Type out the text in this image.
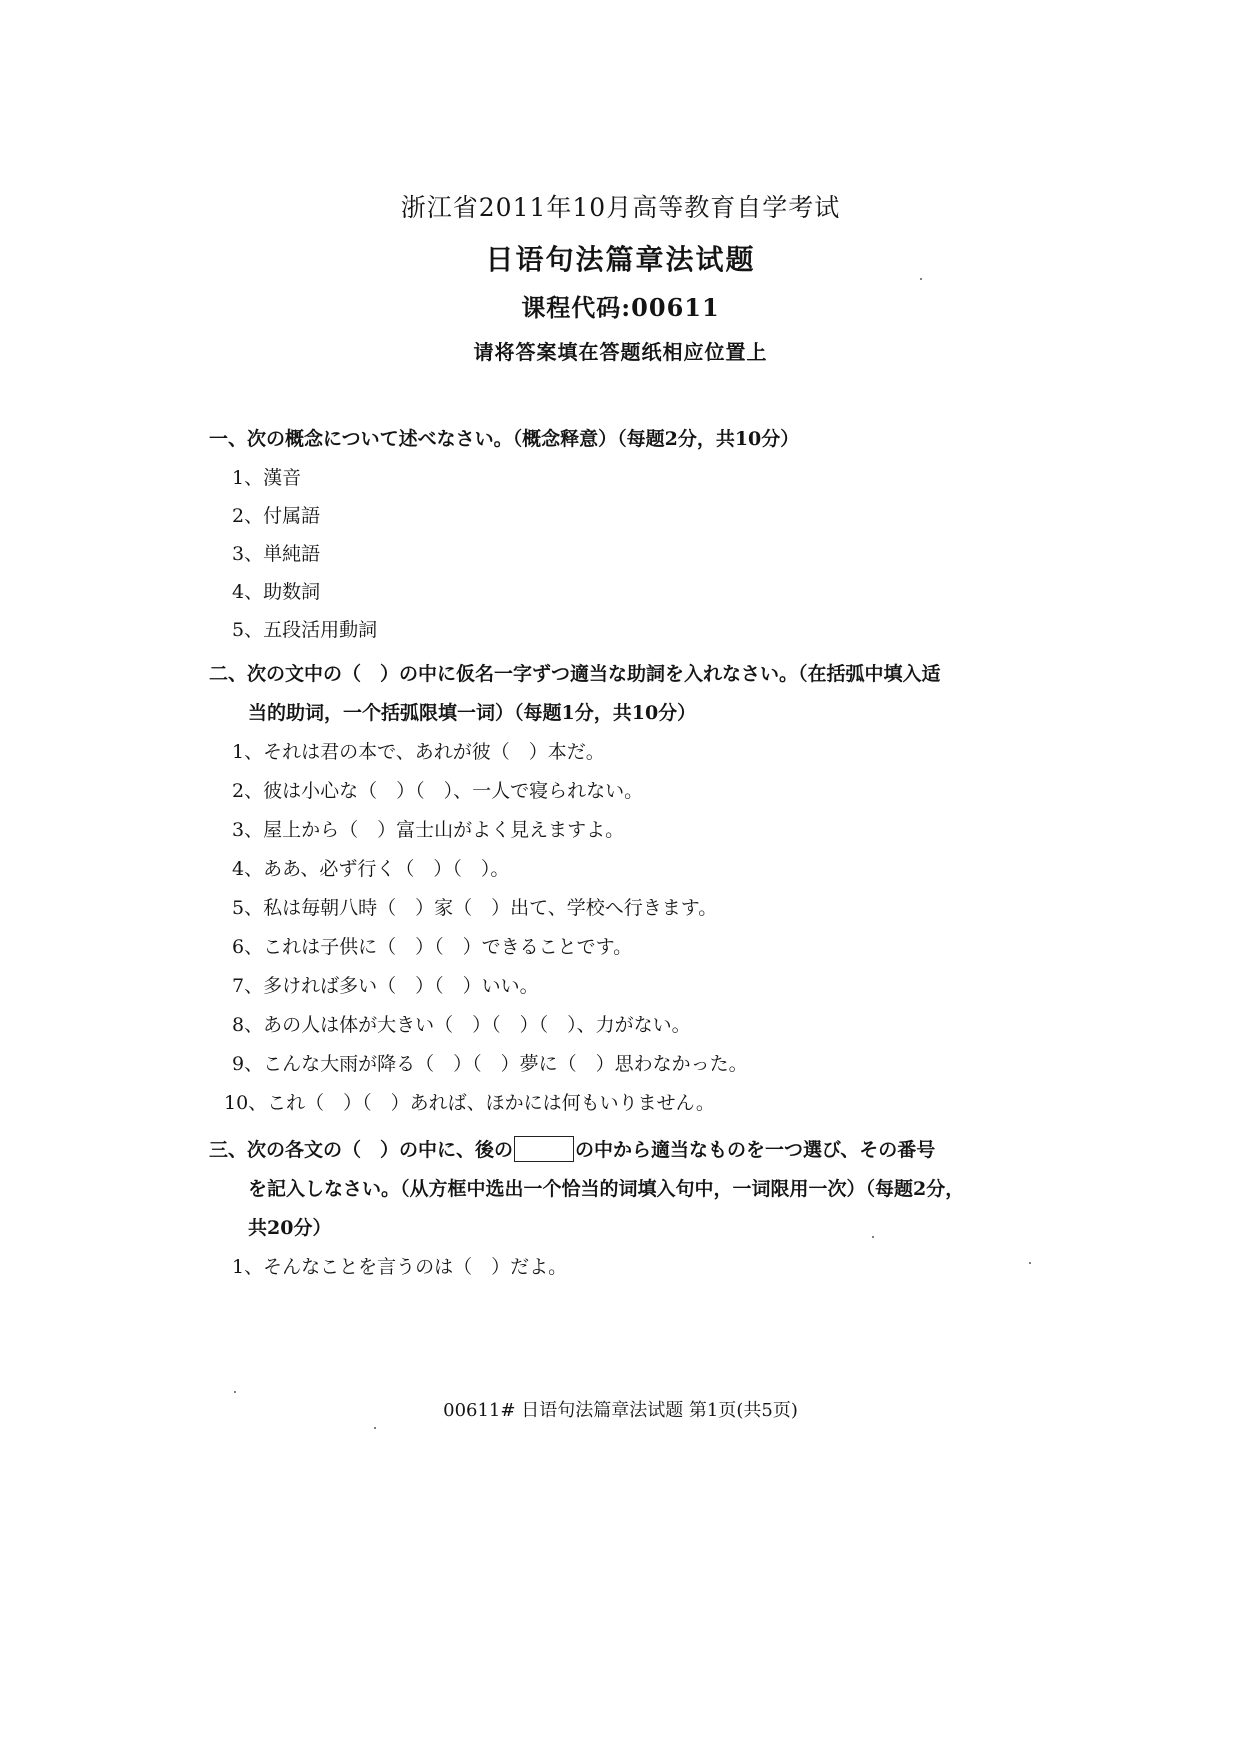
浙江省2011年10月高等教育自学考试
日语句法篇章法试题
课程代码:00611
请将答案填在答题纸相应位置上
一、次の概念について述べなさい。（概念释意）（每题2分，共10分）
1、漢音
2、付属語
3、単純語
4、助数詞
5、五段活用動詞
二、次の文中の（　）の中に仮名一字ずつ適当な助詞を入れなさい。（在括弧中填入适
当的助词，一个括弧限填一词）（每题1分，共10分）
1、それは君の本で、あれが彼（　）本だ。
2、彼は小心な（　）（　）、一人で寝られない。
3、屋上から（　）富士山がよく見えますよ。
4、ああ、必ず行く（　）（　）。
5、私は毎朝八時（　）家（　）出て、学校へ行きます。
6、これは子供に（　）（　）できることです。
7、多ければ多い（　）（　）いい。
8、あの人は体が大きい（　）（　）（　）、力がない。
9、こんな大雨が降る（　）（　）夢に（　）思わなかった。
10、これ（　）（　）あれば、ほかには何もいりません。
三、次の各文の（　）の中に、後の	の中から適当なものを一つ選び、その番号
を記入しなさい。（从方框中选出一个恰当的词填入句中，一词限用一次）（每题2分，
共20分）
1、そんなことを言うのは（　）だよ。
00611# 日语句法篇章法试题 第1页(共5页)
